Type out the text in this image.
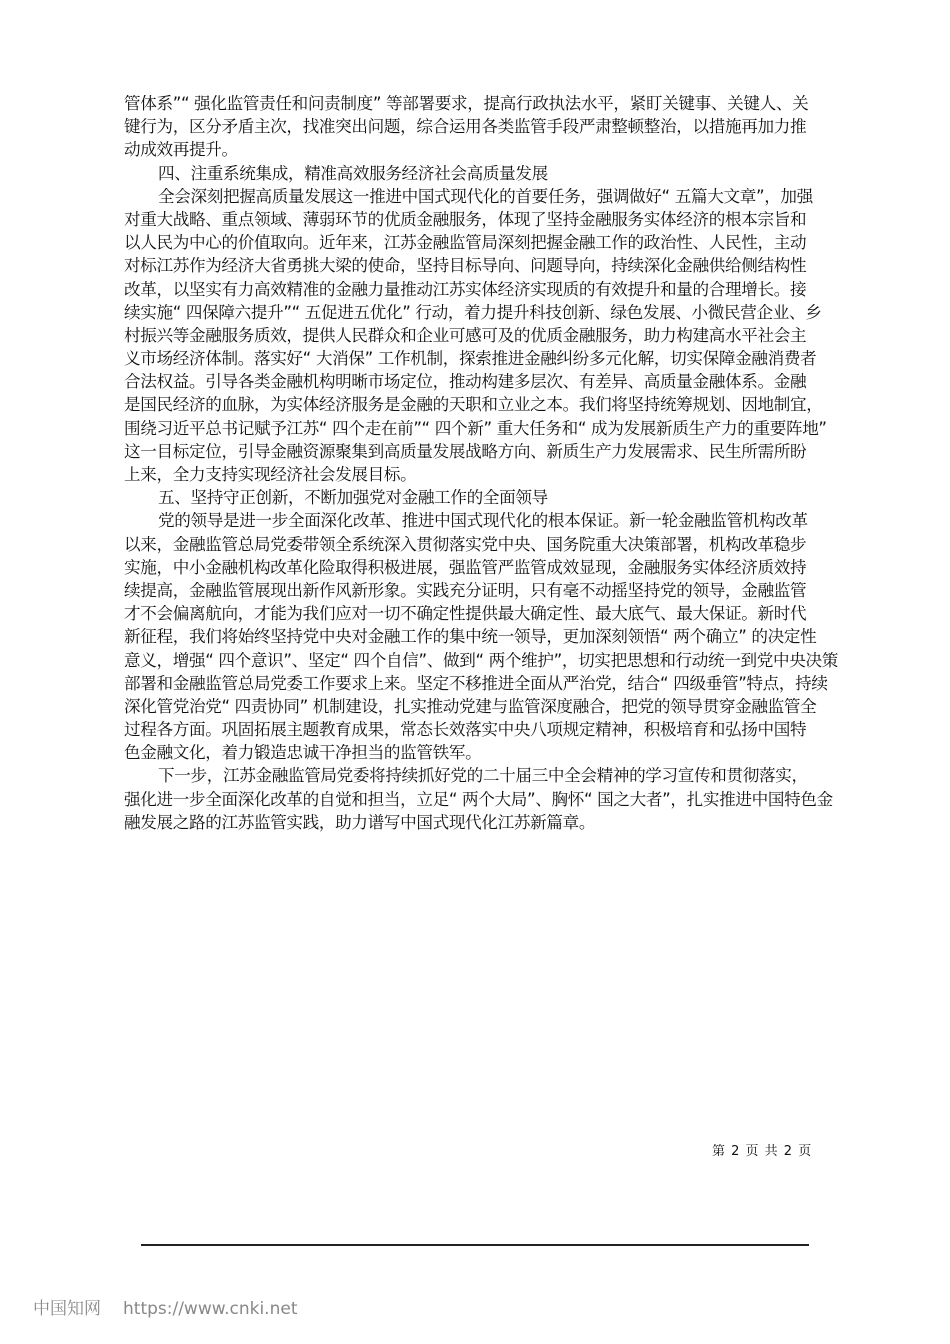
管体系”“ 强化监管责任和问责制度” 等部署要求，提高行政执法水平，紧盯关键事、关键人、关
键行为，区分矛盾主次，找准突出问题，综合运用各类监管手段严肃整顿整治，以措施再加力推
动成效再提升。
四、注重系统集成，精准高效服务经济社会高质量发展
全会深刻把握高质量发展这一推进中国式现代化的首要任务，强调做好“ 五篇大文章”，加强
对重大战略、重点领域、薄弱环节的优质金融服务，体现了坚持金融服务实体经济的根本宗旨和
以人民为中心的价值取向。近年来，江苏金融监管局深刻把握金融工作的政治性、人民性，主动
对标江苏作为经济大省勇挑大梁的使命，坚持目标导向、问题导向，持续深化金融供给侧结构性
改革，以坚实有力高效精准的金融力量推动江苏实体经济实现质的有效提升和量的合理增长。接
续实施“ 四保障六提升”“ 五促进五优化” 行动，着力提升科技创新、绿色发展、小微民营企业、乡
村振兴等金融服务质效，提供人民群众和企业可感可及的优质金融服务，助力构建高水平社会主
义市场经济体制。落实好“ 大消保” 工作机制，探索推进金融纠纷多元化解，切实保障金融消费者
合法权益。引导各类金融机构明晰市场定位，推动构建多层次、有差异、高质量金融体系。金融
是国民经济的血脉，为实体经济服务是金融的天职和立业之本。我们将坚持统筹规划、因地制宜，
围绕习近平总书记赋予江苏“ 四个走在前”“ 四个新” 重大任务和“ 成为发展新质生产力的重要阵地”
这一目标定位，引导金融资源聚集到高质量发展战略方向、新质生产力发展需求、民生所需所盼
上来，全力支持实现经济社会发展目标。
五、坚持守正创新，不断加强党对金融工作的全面领导
党的领导是进一步全面深化改革、推进中国式现代化的根本保证。新一轮金融监管机构改革
以来，金融监管总局党委带领全系统深入贯彻落实党中央、国务院重大决策部署，机构改革稳步
实施，中小金融机构改革化险取得积极进展，强监管严监管成效显现，金融服务实体经济质效持
续提高，金融监管展现出新作风新形象。实践充分证明，只有毫不动摇坚持党的领导，金融监管
才不会偏离航向，才能为我们应对一切不确定性提供最大确定性、最大底气、最大保证。新时代
新征程，我们将始终坚持党中央对金融工作的集中统一领导，更加深刻领悟“ 两个确立” 的决定性
意义，增强“ 四个意识”、坚定“ 四个自信”、做到“ 两个维护”，切实把思想和行动统一到党中央决策
部署和金融监管总局党委工作要求上来。坚定不移推进全面从严治党，结合“ 四级垂管”特点，持续
深化管党治党“ 四责协同” 机制建设，扎实推动党建与监管深度融合，把党的领导贯穿金融监管全
过程各方面。巩固拓展主题教育成果，常态长效落实中央八项规定精神，积极培育和弘扬中国特
色金融文化，着力锻造忠诚干净担当的监管铁军。
下一步，江苏金融监管局党委将持续抓好党的二十届三中全会精神的学习宣传和贯彻落实，
强化进一步全面深化改革的自觉和担当，立足“ 两个大局”、胸怀“ 国之大者”，扎实推进中国特色金
融发展之路的江苏监管实践，助力谱写中国式现代化江苏新篇章。
第 2 页 共 2 页
中国知网 https://www.cnki.net
